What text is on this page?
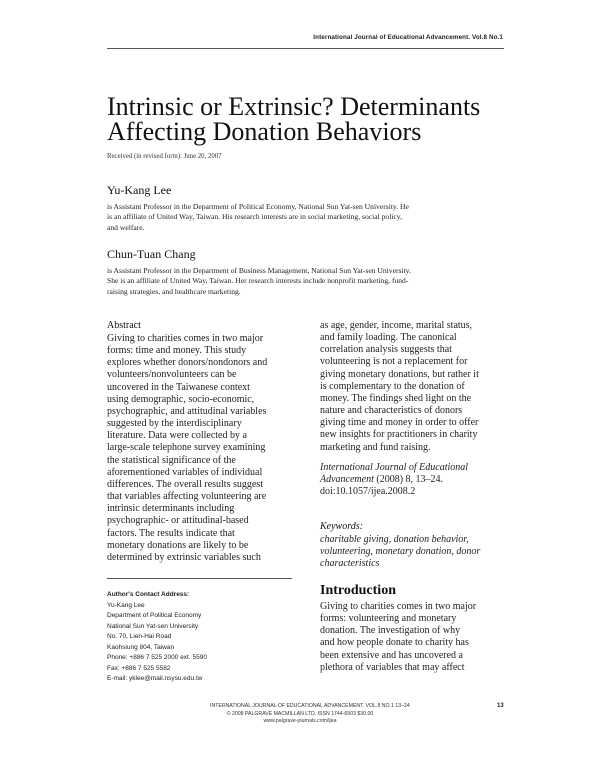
International Journal of Educational Advancement. Vol.8 No.1
Intrinsic or Extrinsic? Determinants
Affecting Donation Behaviors
Received (in revised form): June 20, 2007
Yu-Kang Lee
is Assistant Professor in the Department of Political Economy, National Sun Yat-sen University. He
is an affiliate of United Way, Taiwan. His research interests are in social marketing, social policy,
and welfare.
Chun-Tuan Chang
is Assistant Professor in the Department of Business Management, National Sun Yat-sen University.
She is an affiliate of United Way, Taiwan. Her research interests include nonprofit marketing, fund-
raising strategies, and healthcare marketing.
Abstract
Giving to charities comes in two major
forms: time and money. This study
explores whether donors/nondonors and
volunteers/nonvolunteers can be
uncovered in the Taiwanese context
using demographic, socio-economic,
psychographic, and attitudinal variables
suggested by the interdisciplinary
literature. Data were collected by a
large-scale telephone survey examining
the statistical significance of the
aforementioned variables of individual
differences. The overall results suggest
that variables affecting volunteering are
intrinsic determinants including
psychographic- or attitudinal-based
factors. The results indicate that
monetary donations are likely to be
determined by extrinsic variables such
as age, gender, income, marital status,
and family loading. The canonical
correlation analysis suggests that
volunteering is not a replacement for
giving monetary donations, but rather it
is complementary to the donation of
money. The findings shed light on the
nature and characteristics of donors
giving time and money in order to offer
new insights for practitioners in charity
marketing and fund raising.
International Journal of Educational
Advancement (2008) 8, 13–24.
doi:10.1057/ijea.2008.2
Keywords:
charitable giving, donation behavior,
volunteering, monetary donation, donor
characteristics
Author's Contact Address:
Yu-Kang Lee
Department of Political Economy
National Sun Yat-sen University
No. 70, Lien-Hai Road
Kaohsiung 804, Taiwan
Phone: +886 7 525 2000 ext. 5590
Fax: +886 7 525 5582
E-mail: yklee@mail.nsysu.edu.tw
Introduction
Giving to charities comes in two major
forms: volunteering and monetary
donation. The investigation of why
and how people donate to charity has
been extensive and has uncovered a
plethora of variables that may affect
INTERNATIONAL JOURNAL OF EDUCATIONAL ADVANCEMENT. VOL.8 NO.1 13–24
© 2008 PALGRAVE MACMILLAN LTD. ISSN 1744-6503 $30.00
www.palgrave-journals.com/ijea
13
